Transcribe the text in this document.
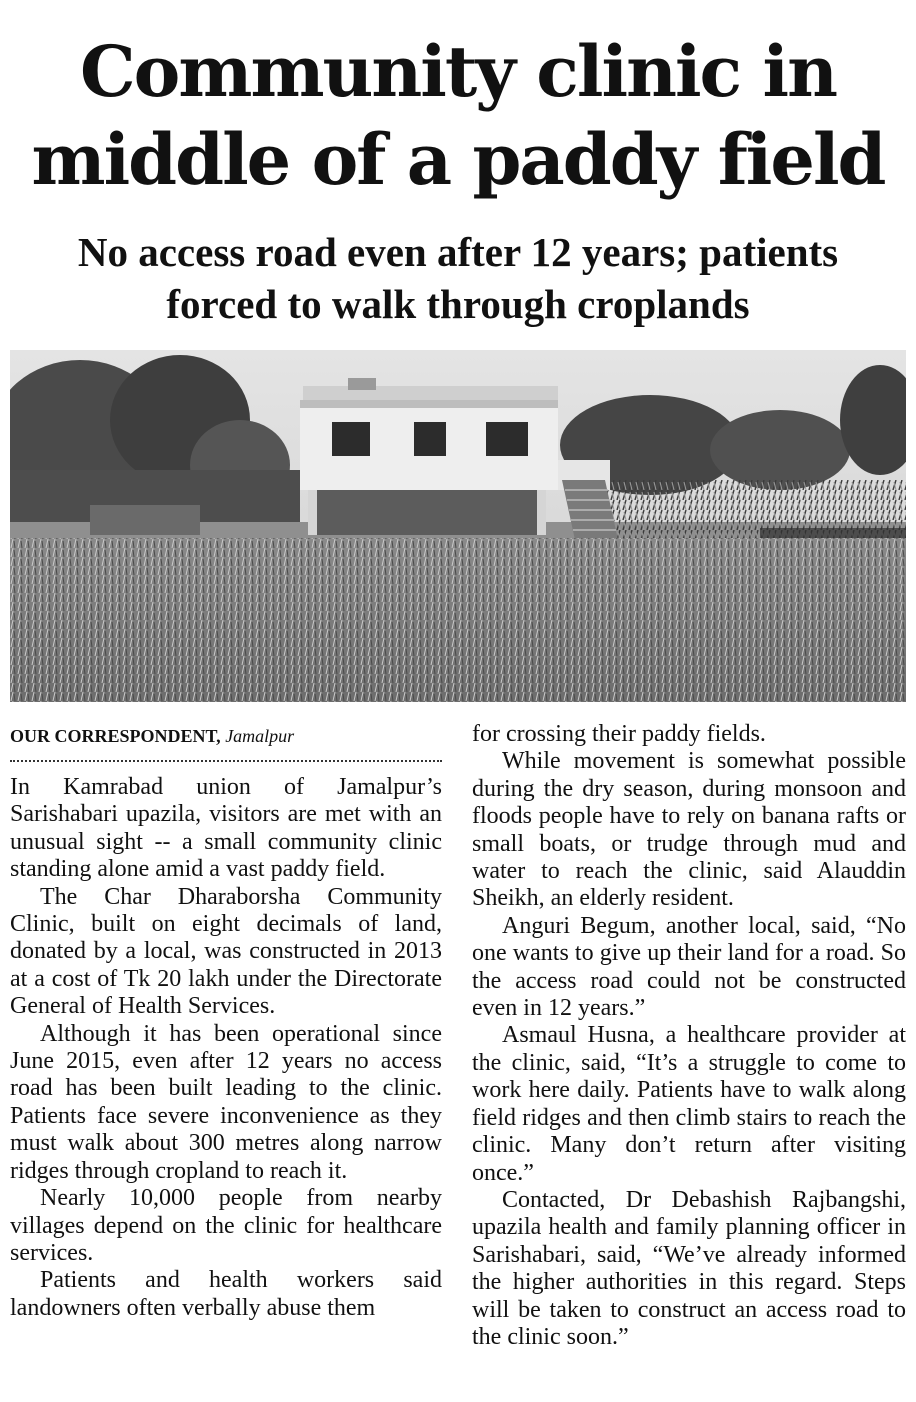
Community clinic in
middle of a paddy field
No access road even after 12 years; patients
forced to walk through croplands
OUR CORRESPONDENT, Jamalpur

In Kamrabad union of Jamalpur’s Sarishabari upazila, visitors are met with an unusual sight -- a small community clinic standing alone amid a vast paddy field.

The Char Dharaborsha Community Clinic, built on eight decimals of land, donated by a local, was constructed in 2013 at a cost of Tk 20 lakh under the Directorate General of Health Services.

Although it has been operational since June 2015, even after 12 years no access road has been built leading to the clinic. Patients face severe inconvenience as they must walk about 300 metres along narrow ridges through cropland to reach it.

Nearly 10,000 people from nearby villages depend on the clinic for healthcare services.

Patients and health workers said landowners often verbally abuse them

for crossing their paddy fields.

While movement is somewhat possible during the dry season, during monsoon and floods people have to rely on banana rafts or small boats, or trudge through mud and water to reach the clinic, said Alauddin Sheikh, an elderly resident.

Anguri Begum, another local, said, “No one wants to give up their land for a road. So the access road could not be constructed even in 12 years.”

Asmaul Husna, a healthcare provider at the clinic, said, “It’s a struggle to come to work here daily. Patients have to walk along field ridges and then climb stairs to reach the clinic. Many don’t return after visiting once.”

Contacted, Dr Debashish Rajbangshi, upazila health and family planning officer in Sarishabari, said, “We’ve already informed the higher authorities in this regard. Steps will be taken to construct an access road to the clinic soon.”
